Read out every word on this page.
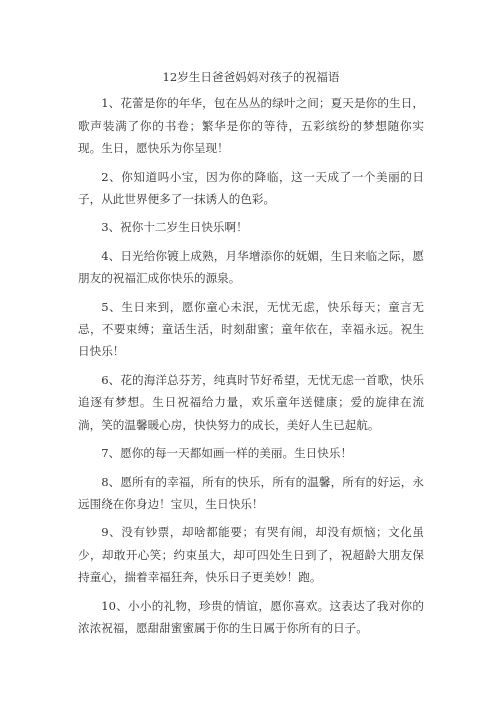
12岁生日爸爸妈妈对孩子的祝福语

1、花蕾是你的年华，包在丛丛的绿叶之间；夏天是你的生日，歌声装满了你的书卷；繁华是你的等待，五彩缤纷的梦想随你实现。生日，愿快乐为你呈现！

2、你知道吗小宝，因为你的降临，这一天成了一个美丽的日子，从此世界便多了一抹诱人的色彩。

3、祝你十二岁生日快乐啊！

4、日光给你镀上成熟，月华增添你的妩媚，生日来临之际，愿朋友的祝福汇成你快乐的源泉。

5、生日来到，愿你童心未泯，无忧无虑，快乐每天；童言无忌，不要束缚；童话生活，时刻甜蜜；童年依在，幸福永远。祝生日快乐！

6、花的海洋总芬芳，纯真时节好希望，无忧无虑一首歌，快乐追逐有梦想。生日祝福给力量，欢乐童年送健康；爱的旋律在流淌，笑的温馨暖心房，快快努力的成长，美好人生已起航。

7、愿你的每一天都如画一样的美丽。生日快乐！

8、愿所有的幸福，所有的快乐，所有的温馨，所有的好运，永远围绕在你身边！宝贝，生日快乐！

9、没有钞票，却啥都能要；有哭有闹，却没有烦恼；文化虽少，却敢开心笑；约束虽大，却可四处生日到了，祝超龄大朋友保持童心，揣着幸福狂奔，快乐日子更美妙！跑。

10、小小的礼物，珍贵的情谊，愿你喜欢。这表达了我对你的浓浓祝福，愿甜甜蜜蜜属于你的生日属于你所有的日子。
